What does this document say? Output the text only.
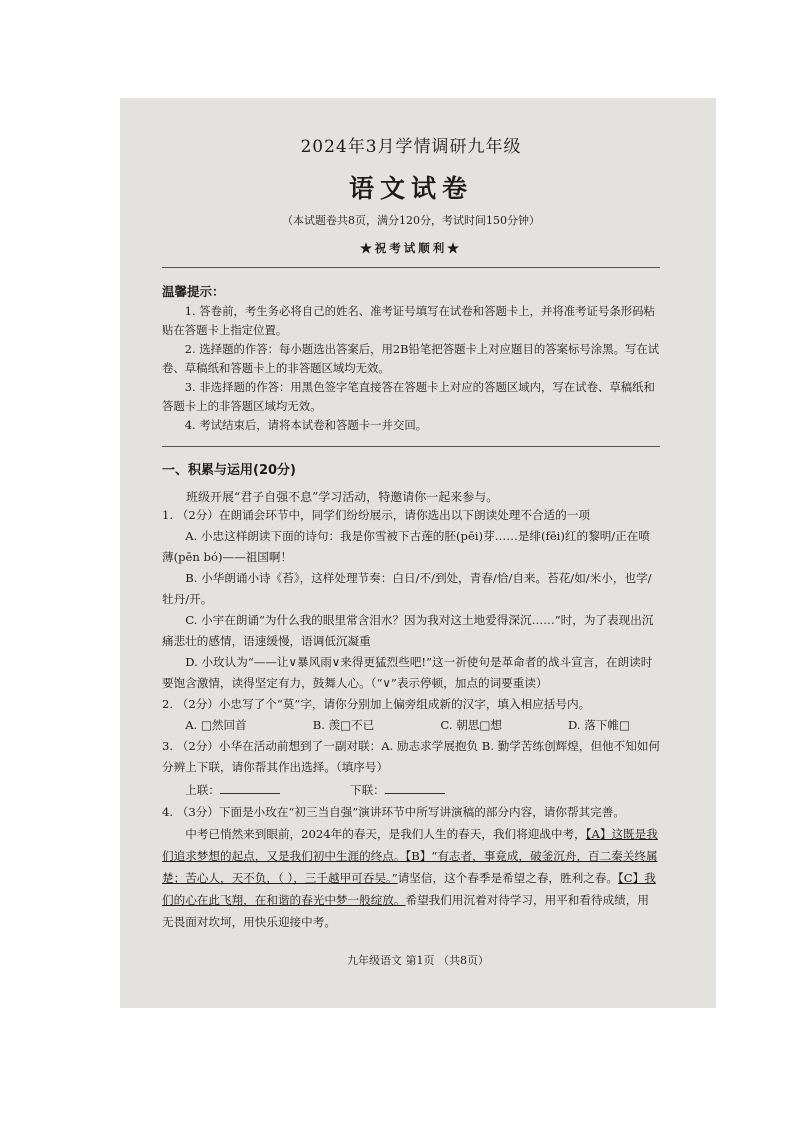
2024年3月学情调研九年级
语文试卷
（本试题卷共8页，满分120分，考试时间150分钟）
★祝考试顺利★
温馨提示：

1. 答卷前，考生务必将自己的姓名、准考证号填写在试卷和答题卡上，并将准考证号条形码粘贴在答题卡上指定位置。

2. 选择题的作答：每小题选出答案后，用2B铅笔把答题卡上对应题目的答案标号涂黑。写在试卷、草稿纸和答题卡上的非答题区域均无效。

3. 非选择题的作答：用黑色签字笔直接答在答题卡上对应的答题区域内，写在试卷、草稿纸和答题卡上的非答题区域均无效。

4. 考试结束后，请将本试卷和答题卡一并交回。

一、积累与运用(20分)
班级开展“君子自强不息”学习活动，特邀请你一起来参与。

1. （2分）在朗诵会环节中，同学们纷纷展示，请你选出以下朗读处理不合适的一项

A. 小忠这样朗读下面的诗句：我是你雪被下古莲的胚(pēi)芽……是绯(fēi)红的黎明/正在喷薄(pēn bó)——祖国啊！

B. 小华朗诵小诗《苔》，这样处理节奏：白日/不/到处，青春/恰/自来。苔花/如/米小，也学/牡丹/开。

C. 小宇在朗诵“为什么我的眼里常含泪水？因为我对这土地爱得深沉……”时，为了表现出沉痛悲壮的感情，语速缓慢，语调低沉凝重

D. 小玫认为“——让∨暴风雨∨来得更猛烈些吧!”这一祈使句是革命者的战斗宣言，在朗读时要饱含激情，读得坚定有力，鼓舞人心。（“∨”表示停顿，加点的词要重读）

2. （2分）小忠写了个“莫”字，请你分别加上偏旁组成新的汉字，填入相应括号内。

A. □然回首	B. 羡□不已	C. 朝思□想	D. 落下帷□

3. （2分）小华在活动前想到了一副对联：A. 励志求学展抱负 B. 勤学苦练创辉煌，但他不知如何分辨上下联，请你帮其作出选择。（填序号）

上联：	下联：

4. （3分）下面是小玫在“初三当自强”演讲环节中所写讲演稿的部分内容，请你帮其完善。

中考已悄然来到眼前，2024年的春天，是我们人生的春天，我们将迎战中考，【A】这既是我们追求梦想的起点，又是我们初中生涯的终点。【B】“有志者，事竟成，破釜沉舟，百二秦关终属楚；苦心人，天不负，（ ），三千越甲可吞吴。”请坚信，这个春季是希望之春，胜利之春。【C】我们的心在此飞翔，在和谐的春光中梦一般绽放。希望我们用沉着对待学习，用平和看待成绩，用无畏面对坎坷，用快乐迎接中考。

九年级语文 第1页 （共8页）
